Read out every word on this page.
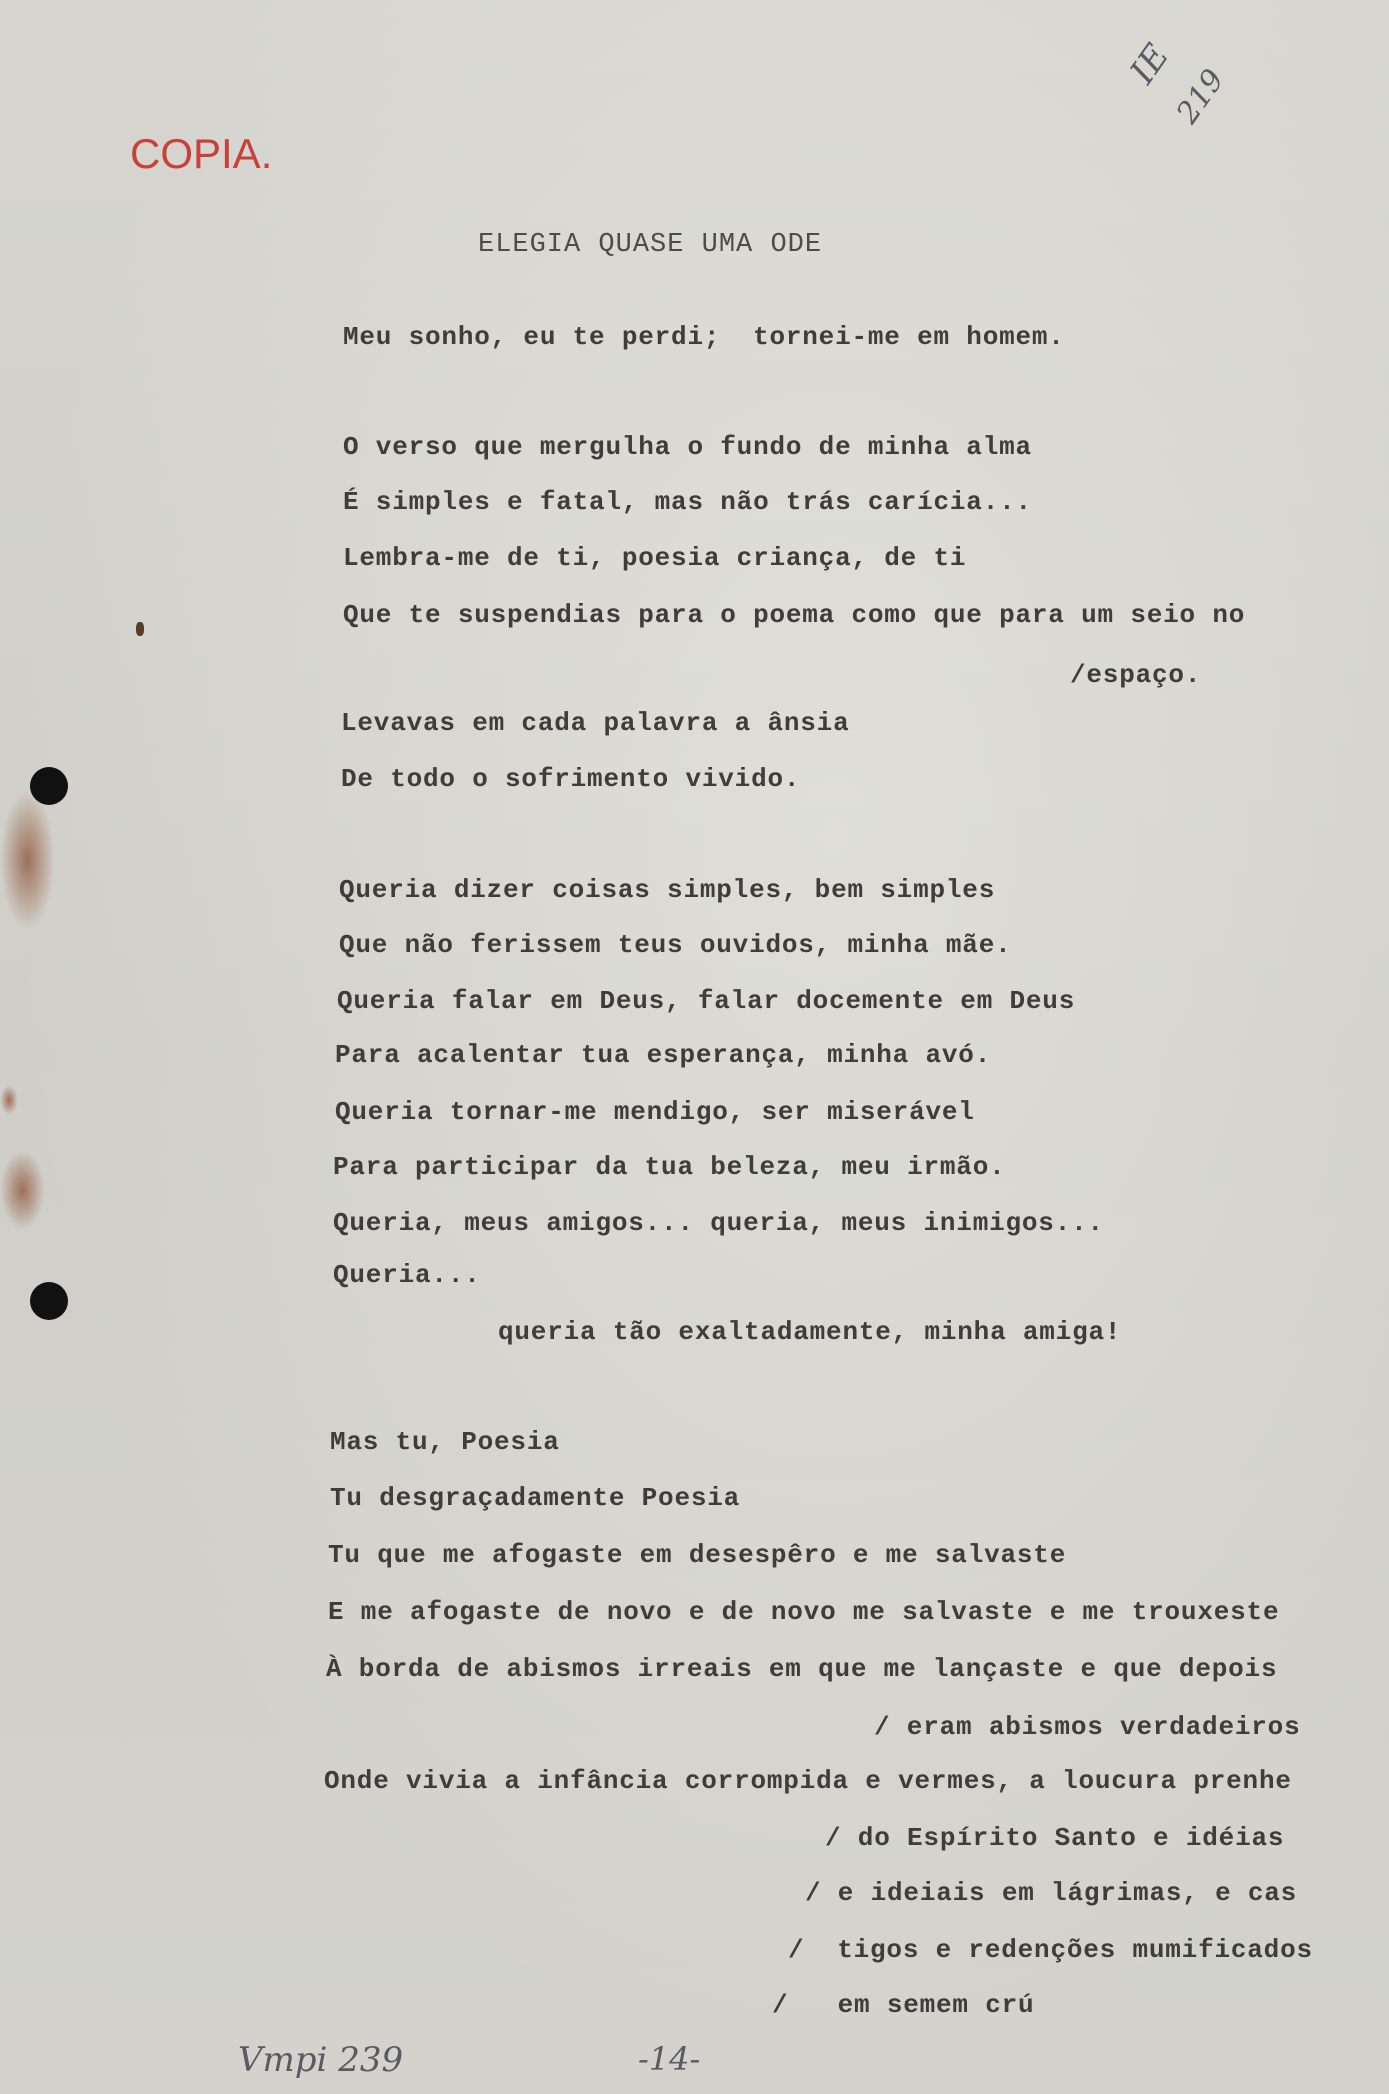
COPIA.
IE
219
ELEGIA QUASE UMA ODE
Meu sonho, eu te perdi;  tornei-me em homem.
O verso que mergulha o fundo de minha alma
É simples e fatal, mas não trás carícia...
Lembra-me de ti, poesia criança, de ti
Que te suspendias para o poema como que para um seio no
/espaço.
Levavas em cada palavra a ânsia
De todo o sofrimento vivido.
Queria dizer coisas simples, bem simples
Que não ferissem teus ouvidos, minha mãe.
Queria falar em Deus, falar docemente em Deus
Para acalentar tua esperança, minha avó.
Queria tornar-me mendigo, ser miserável
Para participar da tua beleza, meu irmão.
Queria, meus amigos... queria, meus inimigos...
Queria...
queria tão exaltadamente, minha amiga!
Mas tu, Poesia
Tu desgraçadamente Poesia
Tu que me afogaste em desespêro e me salvaste
E me afogaste de novo e de novo me salvaste e me trouxeste
À borda de abismos irreais em que me lançaste e que depois
/ eram abismos verdadeiros
Onde vivia a infância corrompida e vermes, a loucura prenhe
/ do Espírito Santo e idéias
/ e ideiais em lágrimas, e cas
/  tigos e redenções mumificados
/   em semem crú
Vmpi 239	-14-
